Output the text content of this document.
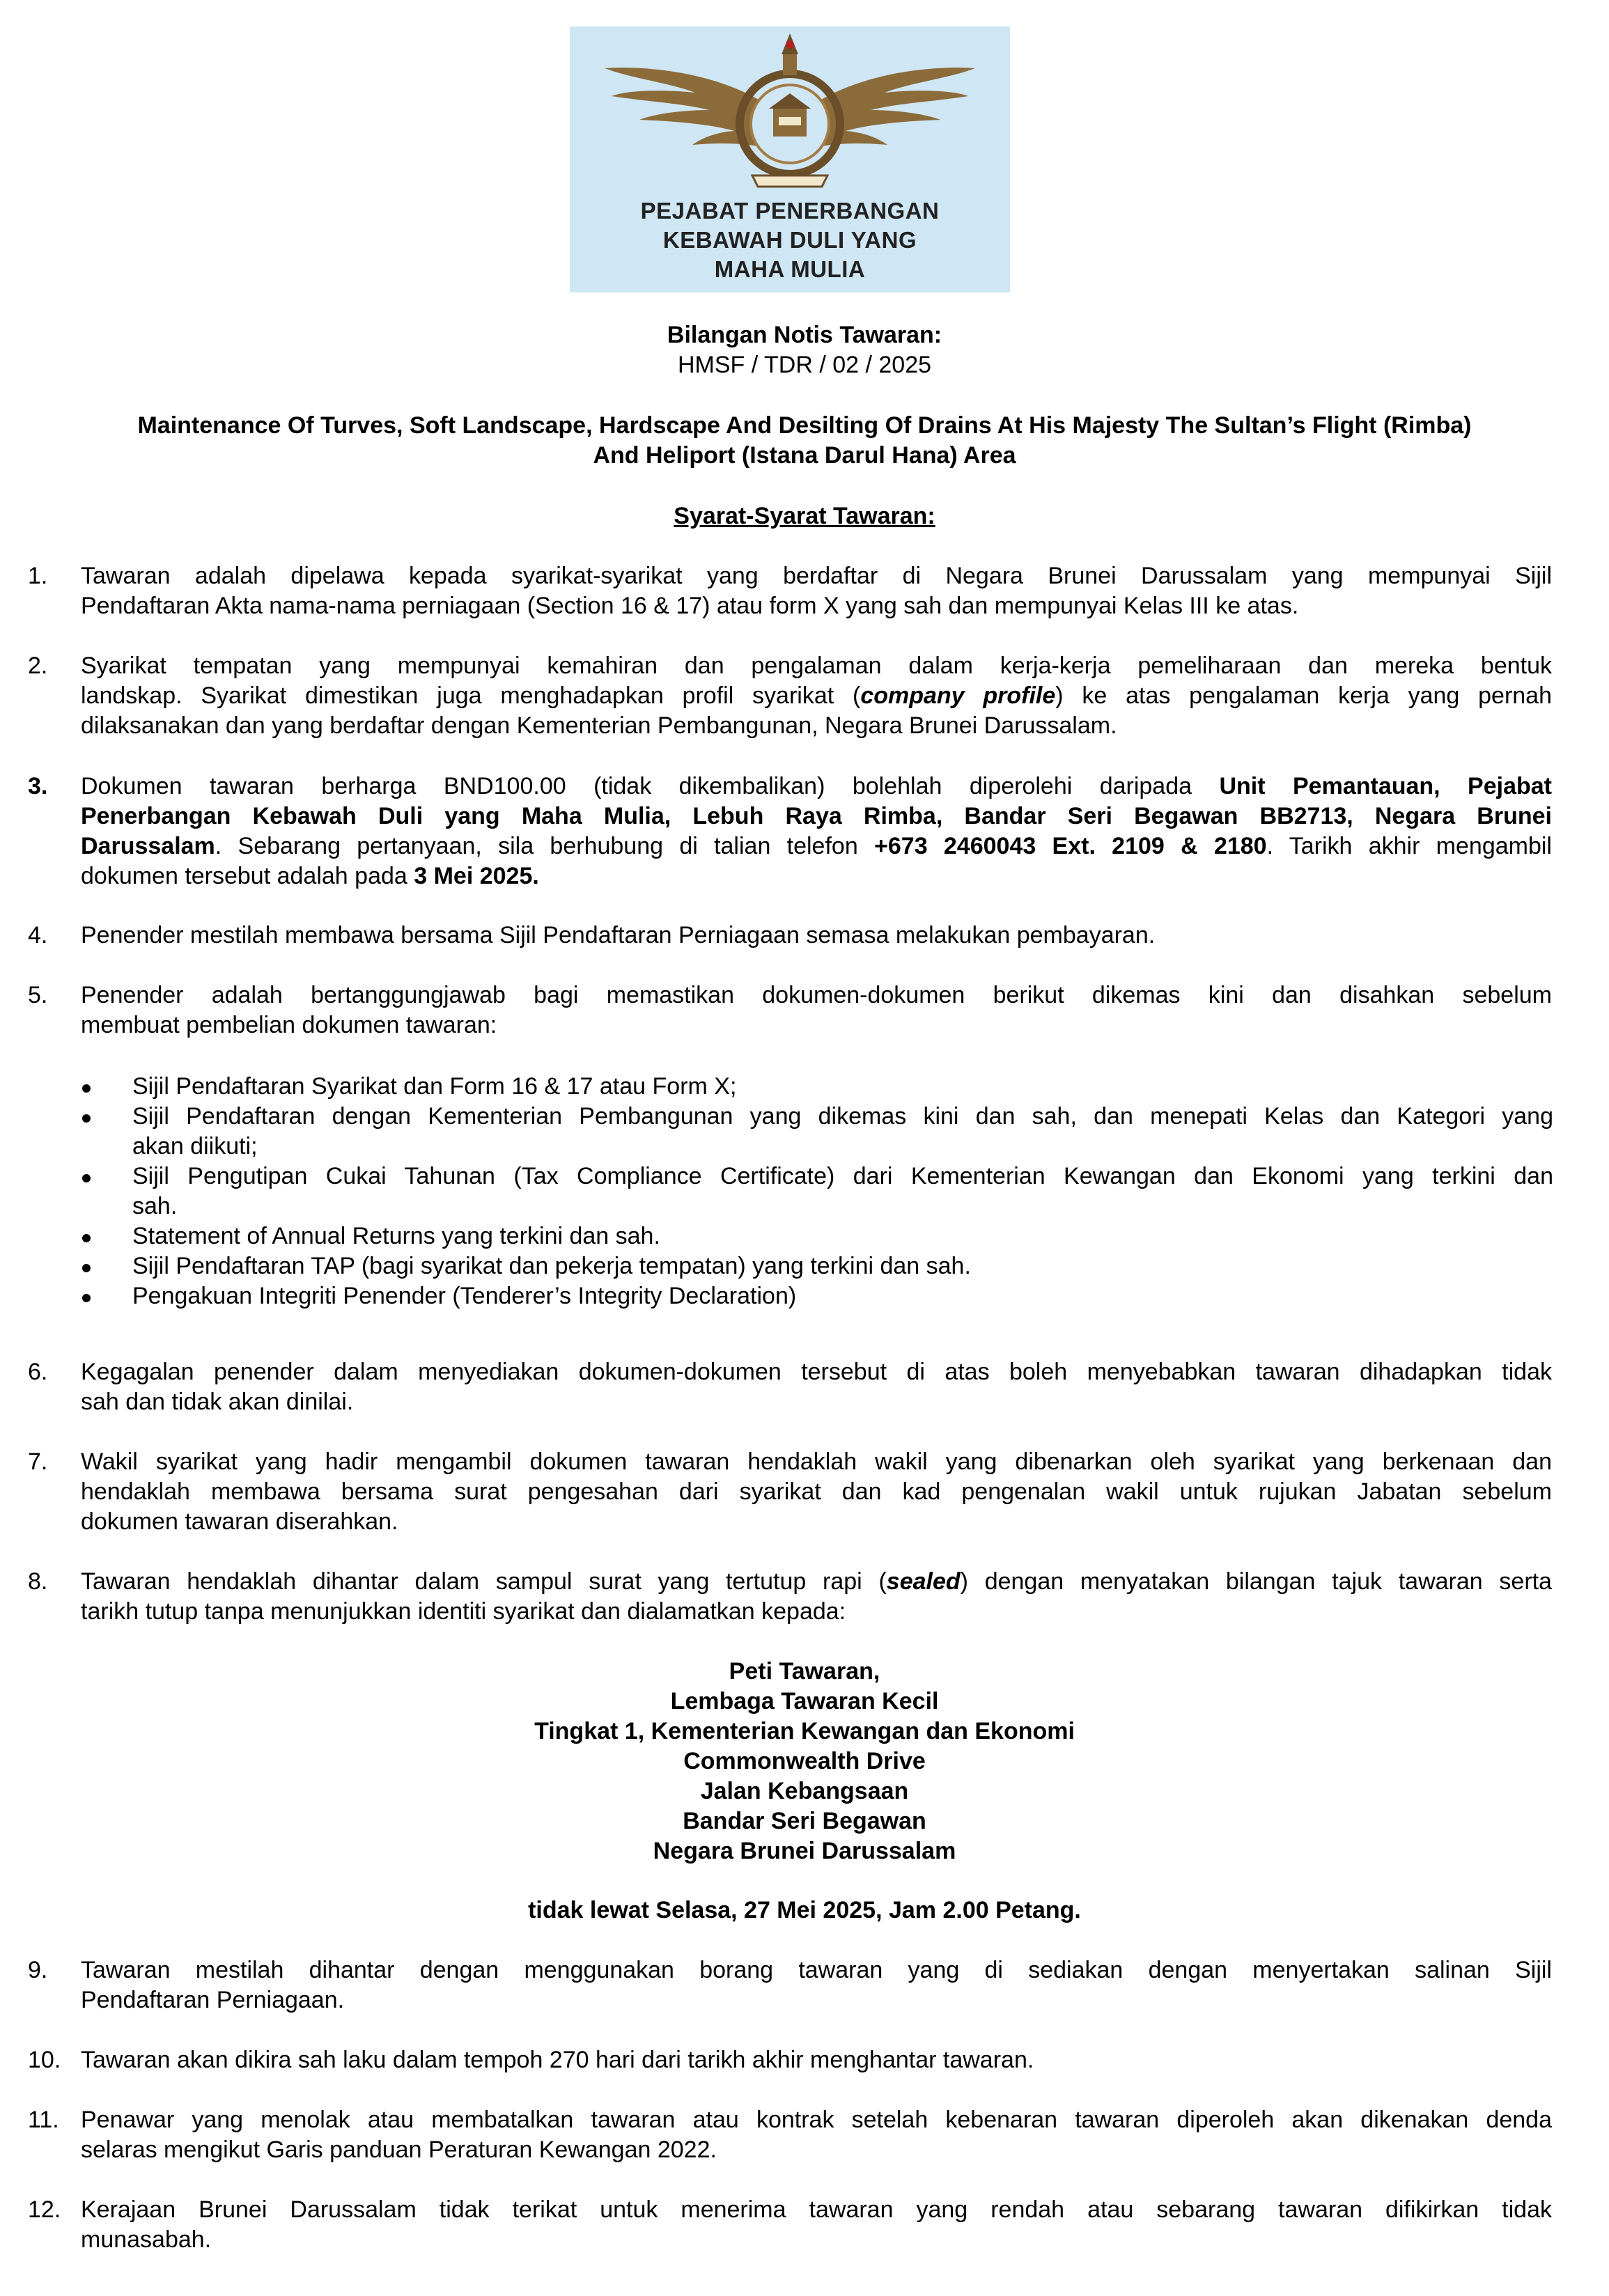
PEJABAT PENERBANGAN
KEBAWAH DULI YANG
MAHA MULIA
Bilangan Notis Tawaran:
HMSF / TDR / 02 / 2025
Maintenance Of Turves, Soft Landscape, Hardscape And Desilting Of Drains At His Majesty The Sultan’s Flight (Rimba)
And Heliport (Istana Darul Hana) Area
Syarat-Syarat Tawaran:
1.	Tawaran adalah dipelawa kepada syarikat-syarikat yang berdaftar di Negara Brunei Darussalam yang mempunyai Sijil
Pendaftaran Akta nama-nama perniagaan (Section 16 & 17) atau form X yang sah dan mempunyai Kelas III ke atas.
2.	Syarikat tempatan yang mempunyai kemahiran dan pengalaman dalam kerja-kerja pemeliharaan dan mereka bentuk
landskap. Syarikat dimestikan juga menghadapkan profil syarikat (company profile) ke atas pengalaman kerja yang pernah
dilaksanakan dan yang berdaftar dengan Kementerian Pembangunan, Negara Brunei Darussalam.
3.	Dokumen tawaran berharga BND100.00 (tidak dikembalikan) bolehlah diperolehi daripada Unit Pemantauan, Pejabat
Penerbangan Kebawah Duli yang Maha Mulia, Lebuh Raya Rimba, Bandar Seri Begawan BB2713, Negara Brunei
Darussalam. Sebarang pertanyaan, sila berhubung di talian telefon +673 2460043 Ext. 2109 & 2180. Tarikh akhir mengambil
dokumen tersebut adalah pada 3 Mei 2025.
4.	Penender mestilah membawa bersama Sijil Pendaftaran Perniagaan semasa melakukan pembayaran.
5.	Penender adalah bertanggungjawab bagi memastikan dokumen-dokumen berikut dikemas kini dan disahkan sebelum
membuat pembelian dokumen tawaran:
Sijil Pendaftaran Syarikat dan Form 16 & 17 atau Form X;
Sijil Pendaftaran dengan Kementerian Pembangunan yang dikemas kini dan sah, dan menepati Kelas dan Kategori yang
akan diikuti;
Sijil Pengutipan Cukai Tahunan (Tax Compliance Certificate) dari Kementerian Kewangan dan Ekonomi yang terkini dan
sah.
Statement of Annual Returns yang terkini dan sah.
Sijil Pendaftaran TAP (bagi syarikat dan pekerja tempatan) yang terkini dan sah.
Pengakuan Integriti Penender (Tenderer’s Integrity Declaration)
6.	Kegagalan penender dalam menyediakan dokumen-dokumen tersebut di atas boleh menyebabkan tawaran dihadapkan tidak
sah dan tidak akan dinilai.
7.	Wakil syarikat yang hadir mengambil dokumen tawaran hendaklah wakil yang dibenarkan oleh syarikat yang berkenaan dan
hendaklah membawa bersama surat pengesahan dari syarikat dan kad pengenalan wakil untuk rujukan Jabatan sebelum
dokumen tawaran diserahkan.
8.	Tawaran hendaklah dihantar dalam sampul surat yang tertutup rapi (sealed) dengan menyatakan bilangan tajuk tawaran serta
tarikh tutup tanpa menunjukkan identiti syarikat dan dialamatkan kepada:
Peti Tawaran,
Lembaga Tawaran Kecil
Tingkat 1, Kementerian Kewangan dan Ekonomi
Commonwealth Drive
Jalan Kebangsaan
Bandar Seri Begawan
Negara Brunei Darussalam
tidak lewat Selasa, 27 Mei 2025, Jam 2.00 Petang.
9.	Tawaran mestilah dihantar dengan menggunakan borang tawaran yang di sediakan dengan menyertakan salinan Sijil
Pendaftaran Perniagaan.
10. Tawaran akan dikira sah laku dalam tempoh 270 hari dari tarikh akhir menghantar tawaran.
11. Penawar yang menolak atau membatalkan tawaran atau kontrak setelah kebenaran tawaran diperoleh akan dikenakan denda
selaras mengikut Garis panduan Peraturan Kewangan 2022.
12. Kerajaan Brunei Darussalam tidak terikat untuk menerima tawaran yang rendah atau sebarang tawaran difikirkan tidak
munasabah.
